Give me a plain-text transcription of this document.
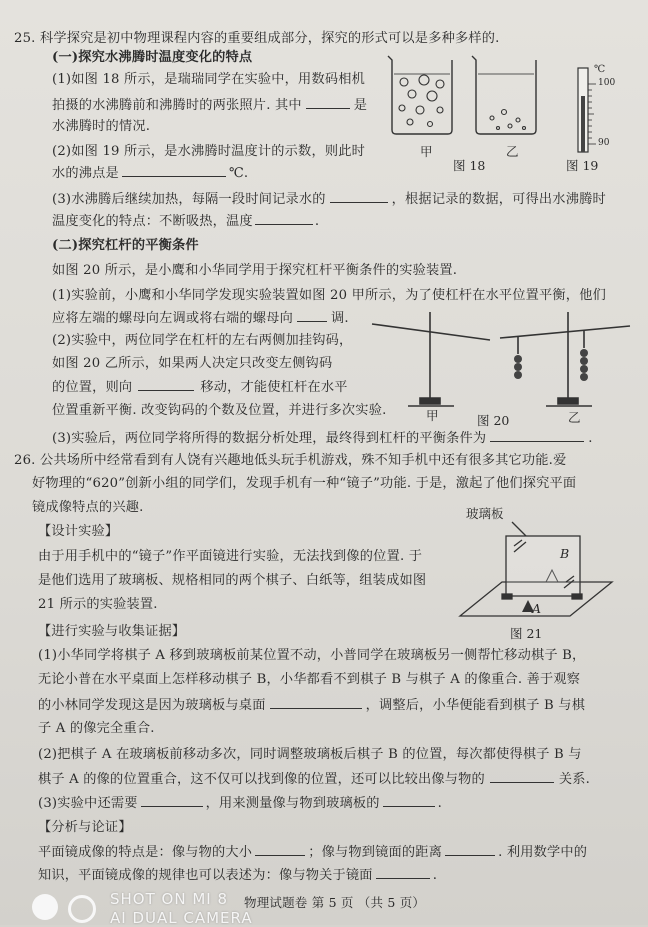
25. 科学探究是初中物理课程内容的重要组成部分，探究的形式可以是多种多样的.
(一)探究水沸腾时温度变化的特点
(1)如图 18 所示，是瑞瑞同学在实验中，用数码相机
拍摄的水沸腾前和沸腾时的两张照片. 其中	是
水沸腾时的情况.
(2)如图 19 所示，是水沸腾时温度计的示数，则此时
水的沸点是	℃.
(3)水沸腾后继续加热，每隔一段时间记录水的	，根据记录的数据，可得出水沸腾时
温度变化的特点：不断吸热，温度	.
甲	乙
图 18
℃
100
90
图 19
(二)探究杠杆的平衡条件
如图 20 所示，是小鹰和小华同学用于探究杠杆平衡条件的实验装置.
(1)实验前，小鹰和小华同学发现实验装置如图 20 甲所示，为了使杠杆在水平位置平衡，他们
应将左端的螺母向左调或将右端的螺母向	调.
(2)实验中，两位同学在杠杆的左右两侧加挂钩码，
如图 20 乙所示，如果两人决定只改变左侧钩码
的位置，则向	移动，才能使杠杆在水平
位置重新平衡. 改变钩码的个数及位置，并进行多次实验.	甲	图 20	乙
(3)实验后，两位同学将所得的数据分析处理，最终得到杠杆的平衡条件为	.
26. 公共场所中经常看到有人饶有兴趣地低头玩手机游戏，殊不知手机中还有很多其它功能.爱
好物理的“620”创新小组的同学们，发现手机有一种“镜子”功能. 于是，激起了他们探究平面
镜成像特点的兴趣.
【设计实验】
由于用手机中的“镜子”作平面镜进行实验，无法找到像的位置. 于
是他们选用了玻璃板、规格相同的两个棋子、白纸等，组装成如图
21 所示的实验装置.
玻璃板
B
A
图 21
【进行实验与收集证据】
(1)小华同学将棋子 A 移到玻璃板前某位置不动，小普同学在玻璃板另一侧帮忙移动棋子 B，
无论小普在水平桌面上怎样移动棋子 B，小华都看不到棋子 B 与棋子 A 的像重合. 善于观察
的小林同学发现这是因为玻璃板与桌面	，调整后，小华便能看到棋子 B 与棋
子 A 的像完全重合.
(2)把棋子 A 在玻璃板前移动多次，同时调整玻璃板后棋子 B 的位置，每次都使得棋子 B 与
棋子 A 的像的位置重合，这不仅可以找到像的位置，还可以比较出像与物的	关系.
(3)实验中还需要	，用来测量像与物到玻璃板的	.
【分析与论证】
平面镜成像的特点是：像与物的大小	；像与物到镜面的距离	. 利用数学中的
知识，平面镜成像的规律也可以表述为：像与物关于镜面	.
物理试题卷 第 5 页 （共 5 页）
SHOT ON MI 8
AI DUAL CAMERA
